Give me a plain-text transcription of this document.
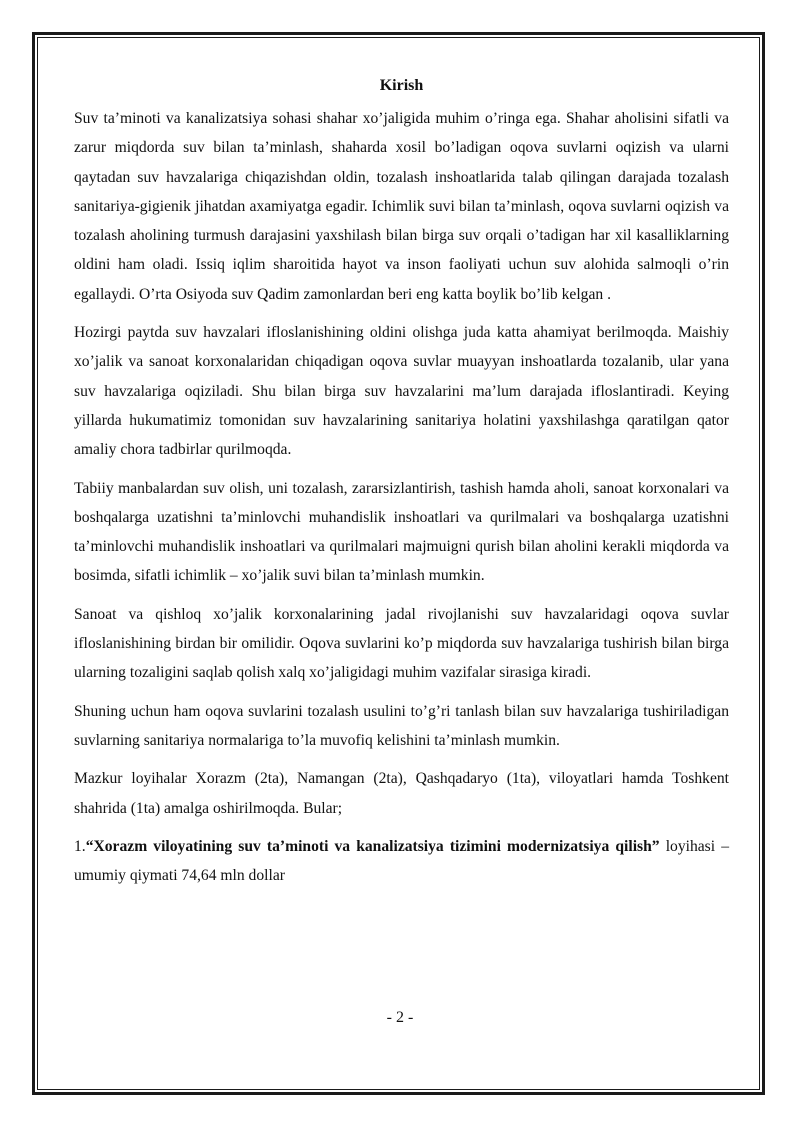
Kirish

Suv ta’minoti va kanalizatsiya sohasi shahar xo’jaligida muhim o’ringa ega. Shahar aholisini sifatli va zarur miqdorda suv bilan ta’minlash, shaharda xosil bo’ladigan oqova suvlarni oqizish va ularni qaytadan suv havzalariga chiqazishdan oldin, tozalash inshoatlarida talab qilingan darajada tozalash sanitariya-gigienik jihatdan axamiyatga egadir. Ichimlik suvi bilan ta’minlash, oqova suvlarni oqizish va tozalash aholining turmush darajasini yaxshilash bilan birga suv orqali o’tadigan har xil kasalliklarning oldini ham oladi. Issiq iqlim sharoitida hayot va inson faoliyati uchun suv alohida salmoqli o’rin egallaydi. O’rta Osiyoda suv Qadim zamonlardan beri eng katta boylik bo’lib kelgan .

Hozirgi paytda suv havzalari ifloslanishining oldini olishga juda katta ahamiyat berilmoqda. Maishiy xo’jalik va sanoat korxonalaridan chiqadigan oqova suvlar muayyan inshoatlarda tozalanib, ular yana suv havzalariga oqiziladi. Shu bilan birga suv havzalarini ma’lum darajada ifloslantiradi. Keying yillarda hukumatimiz tomonidan suv havzalarining sanitariya holatini yaxshilashga qaratilgan qator amaliy chora tadbirlar qurilmoqda.

Tabiiy manbalardan suv olish, uni tozalash, zararsizlantirish, tashish hamda aholi, sanoat korxonalari va boshqalarga uzatishni ta’minlovchi muhandislik inshoatlari va qurilmalari va boshqalarga uzatishni ta’minlovchi muhandislik inshoatlari va qurilmalari majmuigni qurish bilan aholini kerakli miqdorda va bosimda, sifatli ichimlik – xo’jalik suvi bilan ta’minlash mumkin.

Sanoat va qishloq xo’jalik korxonalarining jadal rivojlanishi suv havzalaridagi oqova suvlar ifloslanishining birdan bir omilidir. Oqova suvlarini ko’p miqdorda suv havzalariga tushirish bilan birga ularning tozaligini saqlab qolish xalq xo’jaligidagi muhim vazifalar sirasiga kiradi.

Shuning uchun ham oqova suvlarini tozalash usulini to’g’ri tanlash bilan suv havzalariga tushiriladigan suvlarning sanitariya normalariga to’la muvofiq kelishini ta’minlash mumkin.

Mazkur loyihalar Xorazm (2ta), Namangan (2ta), Qashqadaryo (1ta), viloyatlari hamda Toshkent shahrida (1ta) amalga oshirilmoqda. Bular;

1.“Xorazm viloyatining suv ta’minoti va kanalizatsiya tizimini modernizatsiya qilish” loyihasi – umumiy qiymati 74,64 mln dollar

- 2 -
